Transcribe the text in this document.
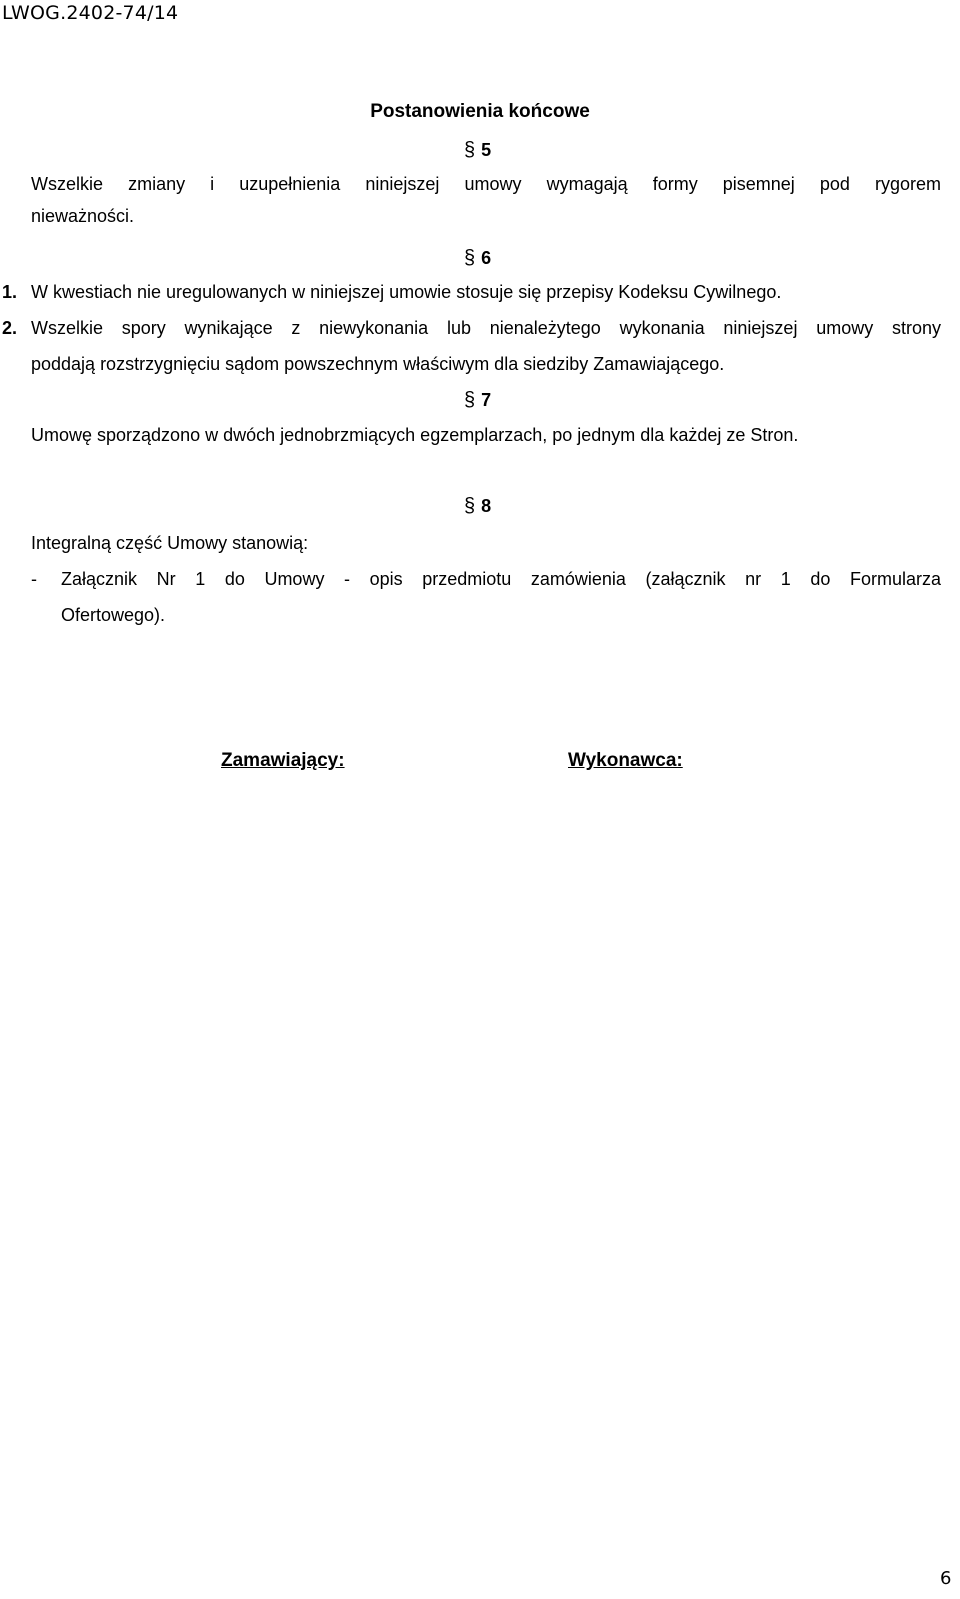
LWOG.2402-74/14
Postanowienia końcowe
§ 5
Wszelkie zmiany i uzupełnienia niniejszej umowy wymagają formy pisemnej pod rygorem
nieważności.
§ 6
1. W kwestiach nie uregulowanych w niniejszej umowie stosuje się przepisy Kodeksu Cywilnego.
2. Wszelkie spory wynikające z niewykonania lub nienależytego wykonania niniejszej umowy strony
poddają rozstrzygnięciu sądom powszechnym właściwym dla siedziby Zamawiającego.
§ 7
Umowę sporządzono w dwóch jednobrzmiących egzemplarzach, po jednym dla każdej ze Stron.
§ 8
Integralną część Umowy stanowią:
- Załącznik Nr 1 do Umowy - opis przedmiotu zamówienia (załącznik nr 1 do Formularza
Ofertowego).
Zamawiający:	Wykonawca:
6
